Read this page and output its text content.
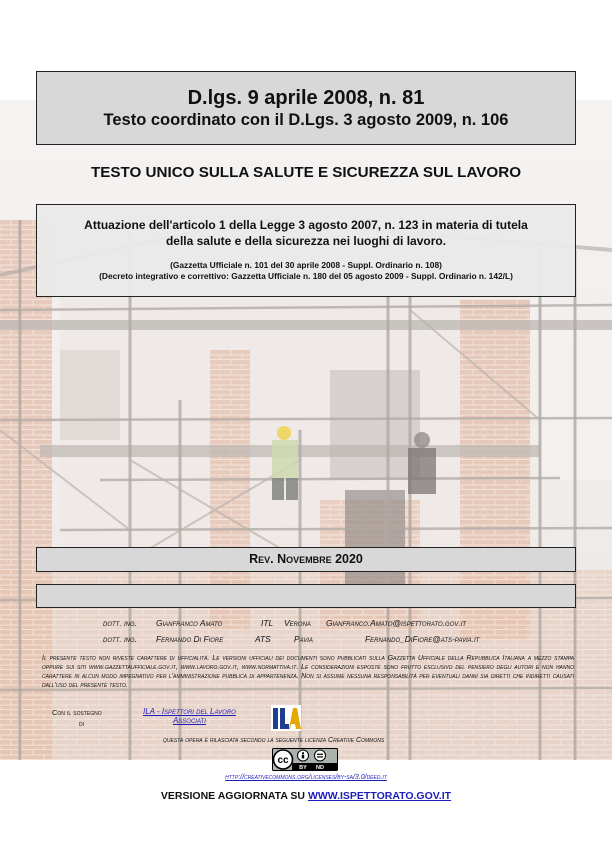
D.lgs. 9 aprile 2008, n. 81
Testo coordinato con il D.Lgs. 3 agosto 2009, n. 106
TESTO UNICO SULLA SALUTE E SICUREZZA SUL LAVORO
Attuazione dell'articolo 1 della Legge 3 agosto 2007, n. 123 in materia di tutela
della salute e della sicurezza nei luoghi di lavoro.
(Gazzetta Ufficiale n. 101 del 30 aprile 2008 - Suppl. Ordinario n. 108)
(Decreto integrativo e correttivo: Gazzetta Ufficiale n. 180 del 05 agosto 2009 - Suppl. Ordinario n. 142/L)
Rev. Novembre 2020
dott. ing. Gianfranco Amato	ITL Verona Gianfranco.Amato@ispettorato.gov.it
dott. ing. Fernando Di Fiore	ATS	Pavia	Fernando_DiFiore@ats-pavia.it
Il presente testo non riveste carattere di ufficialità. Le versioni ufficiali dei documenti sono pubblicati sulla Gazzetta Ufficiale della Repubblica Italiana a mezzo stampa oppure sui siti www.gazzettaufficiale.gov.it, www.lavoro.gov.it, www.normattiva.it. Le considerazioni esposte sono frutto esclusivo del pensiero degli autori e non hanno carattere in alcun modo impegnativo per l'amministrazione pubblica di appartenenza. Non si assume nessuna responsabilità per eventuali danni sia diretti che indiretti causati dall'uso del presente testo.
Con il sostegno
di
ILA - Ispettori del Lavoro
Associati	ILA
questa opera è rilasciata secondo la seguente licenza Creative Commons
cc
BY ND
http://creativecommons.org/licenses/by-sa/3.0/deed.it
VERSIONE AGGIORNATA SU WWW.ISPETTORATO.GOV.IT
